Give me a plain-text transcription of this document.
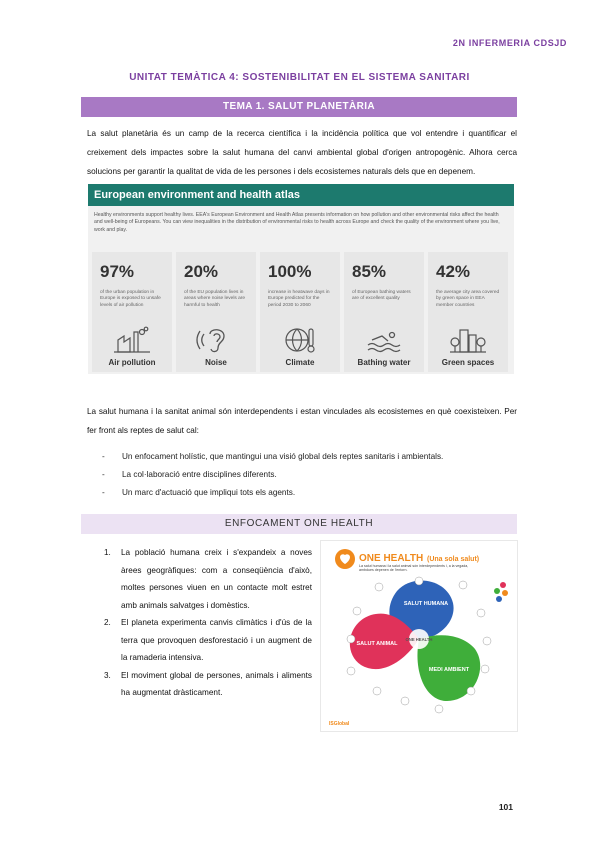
2N INFERMERIA CDSJD
UNITAT TEMÀTICA 4: SOSTENIBILITAT EN EL SISTEMA SANITARI
TEMA 1. SALUT PLANETÀRIA
La salut planetària és un camp de la recerca científica i la incidència política que vol entendre i quantificar el creixement dels impactes sobre la salut humana del canvi ambiental global d'origen antropogènic. Alhora cerca solucions per garantir la qualitat de vida de les persones i dels ecosistemes naturals dels que en depenem.
European environment and health atlas
Healthy environments support healthy lives. EEA's European Environment and Health Atlas presents information on how pollution and other environmental risks affect the health and well-being of Europeans. You can view inequalities in the distribution of environmental risks to health across Europe and check the quality of the environment where you live, work and play.
97%
of the urban population in Europe is exposed to unsafe levels of air pollution
Air pollution
20%
of the EU population lives in areas where noise levels are harmful to health
Noise
100%
increase in heatwave days in Europe predicted for the period 2030 to 2060
Climate
85%
of European bathing waters are of excellent quality
Bathing water
42%
the average city area covered by green space in EEA member countries
Green spaces
La salut humana i la sanitat animal són interdependents i estan vinculades als ecosistemes en què coexisteixen. Per fer front als reptes de salut cal:
- Un enfocament holístic, que mantingui una visió global dels reptes sanitaris i ambientals.
- La col·laboració entre disciplines diferents.
- Un marc d'actuació que impliqui tots els agents.
ENFOCAMENT ONE HEALTH
1. La població humana creix i s'expandeix a noves àrees geogràfiques: com a conseqüència d'això, moltes persones viuen en un contacte molt estret amb animals salvatges i domèstics.
2. El planeta experimenta canvis climàtics i d'ús de la terra que provoquen desforestació i un augment de la ramaderia intensiva.
3. El moviment global de persones, animals i aliments ha augmentat dràsticament.
ONE HEALTH (Una sola salut)
La salut humana i la salut animal són interdependents i, a la vegada, ambdues depenen de l'entorn.
SALUT HUMANA
SALUT ANIMAL
MEDI AMBIENT
ONE HEALTH
ISGlobal
101
